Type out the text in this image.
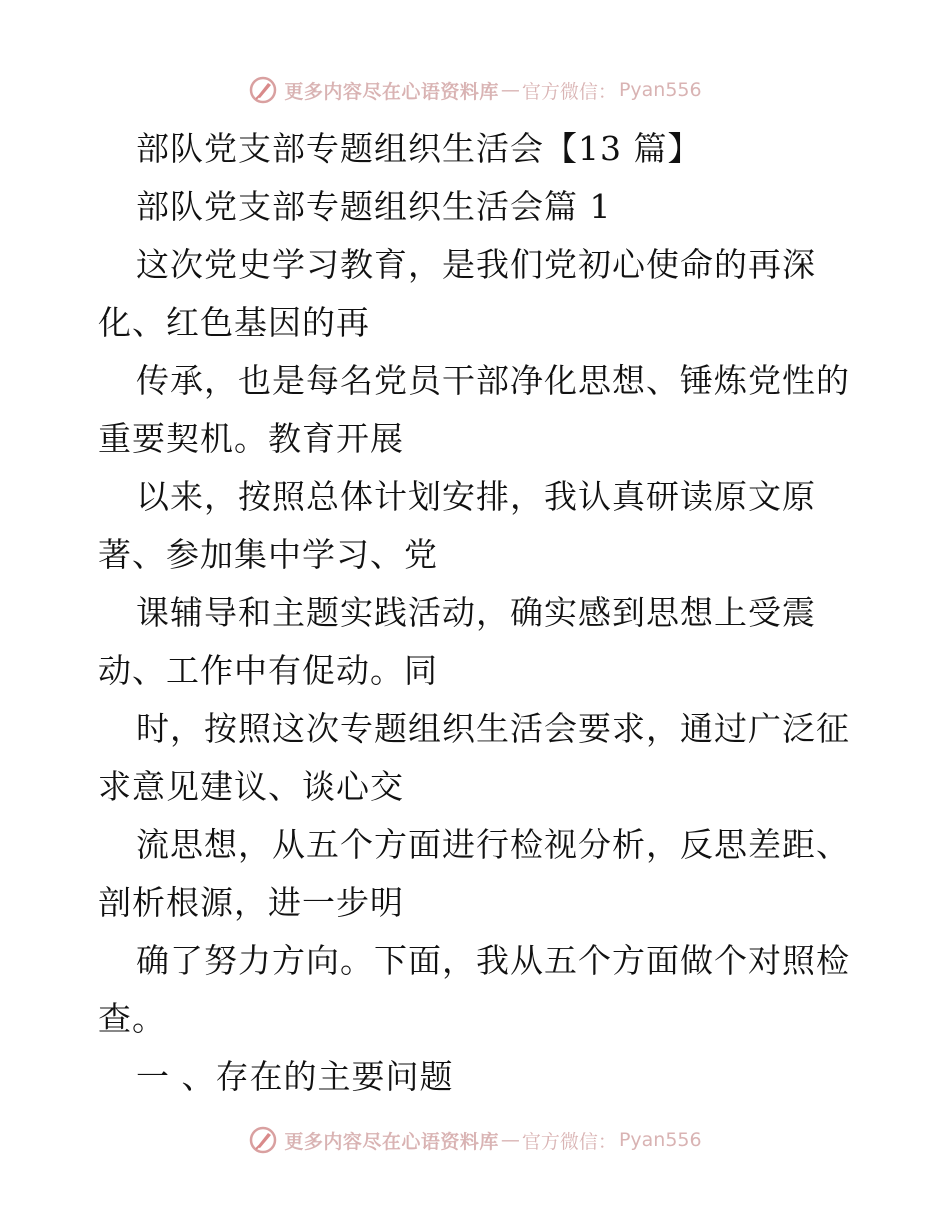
更多内容尽在心语资料库 — 官方微信： Pyan556
部队党支部专题组织生活会【13 篇】
部队党支部专题组织生活会篇 1
这次党史学习教育，是我们党初心使命的再深
化、红色基因的再
传承，也是每名党员干部净化思想、锤炼党性的
重要契机。教育开展
以来，按照总体计划安排，我认真研读原文原
著、参加集中学习、党
课辅导和主题实践活动，确实感到思想上受震
动、工作中有促动。同
时，按照这次专题组织生活会要求，通过广泛征
求意见建议、谈心交
流思想，从五个方面进行检视分析，反思差距、
剖析根源，进一步明
确了努力方向。下面，我从五个方面做个对照检
查。
一 、存在的主要问题
更多内容尽在心语资料库 — 官方微信： Pyan556
